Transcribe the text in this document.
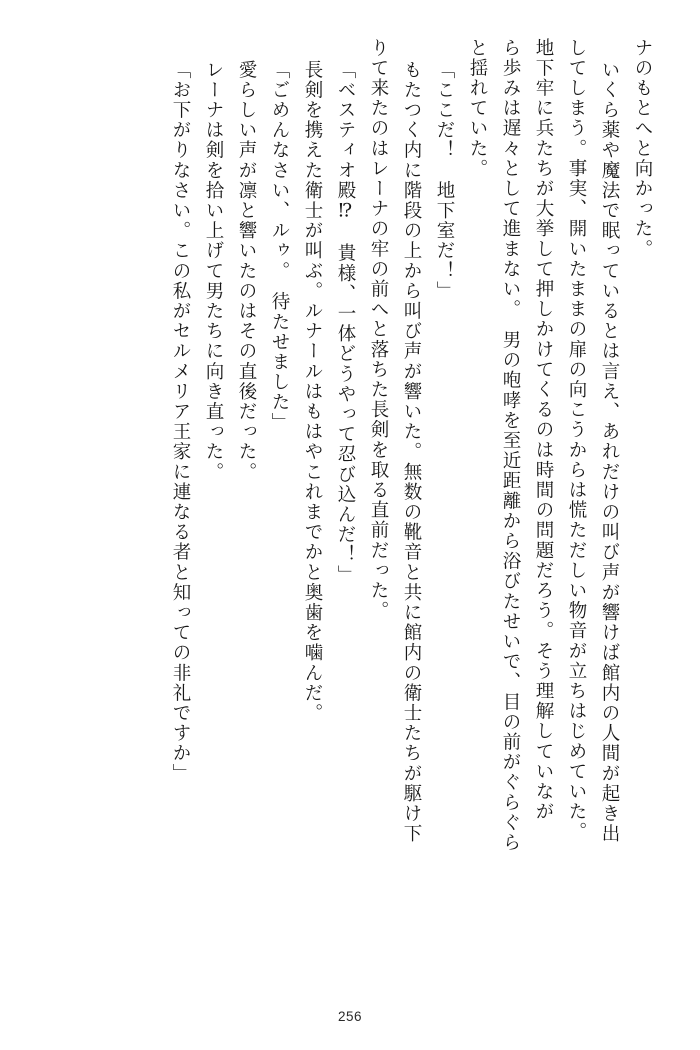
ナのもとへと向かった。
いくら薬や魔法で眠っているとは言え、あれだけの叫び声が響けば館内の人間が起き出
してしまう。事実、開いたままの扉の向こうからは慌ただしい物音が立ちはじめていた。
地下牢に兵たちが大挙して押しかけてくるのは時間の問題だろう。そう理解していなが
ら歩みは遅々として進まない。　男の咆哮を至近距離から浴びたせいで、目の前がぐらぐら
と揺れていた。
「ここだ！　地下室だ！」
もたつく内に階段の上から叫び声が響いた。無数の靴音と共に館内の衛士たちが駆け下
りて来たのはレーナの牢の前へと落ちた長剣を取る直前だった。
「ベスティオ殿⁉　貴様、一体どうやって忍び込んだ！」
長剣を携えた衛士が叫ぶ。ルナールはもはやこれまでかと奥歯を噛んだ。
「ごめんなさい、ルゥ。　待たせました」
愛らしい声が凛と響いたのはその直後だった。
レーナは剣を拾い上げて男たちに向き直った。
「お下がりなさい。この私がセルメリア王家に連なる者と知っての非礼ですか」
256
